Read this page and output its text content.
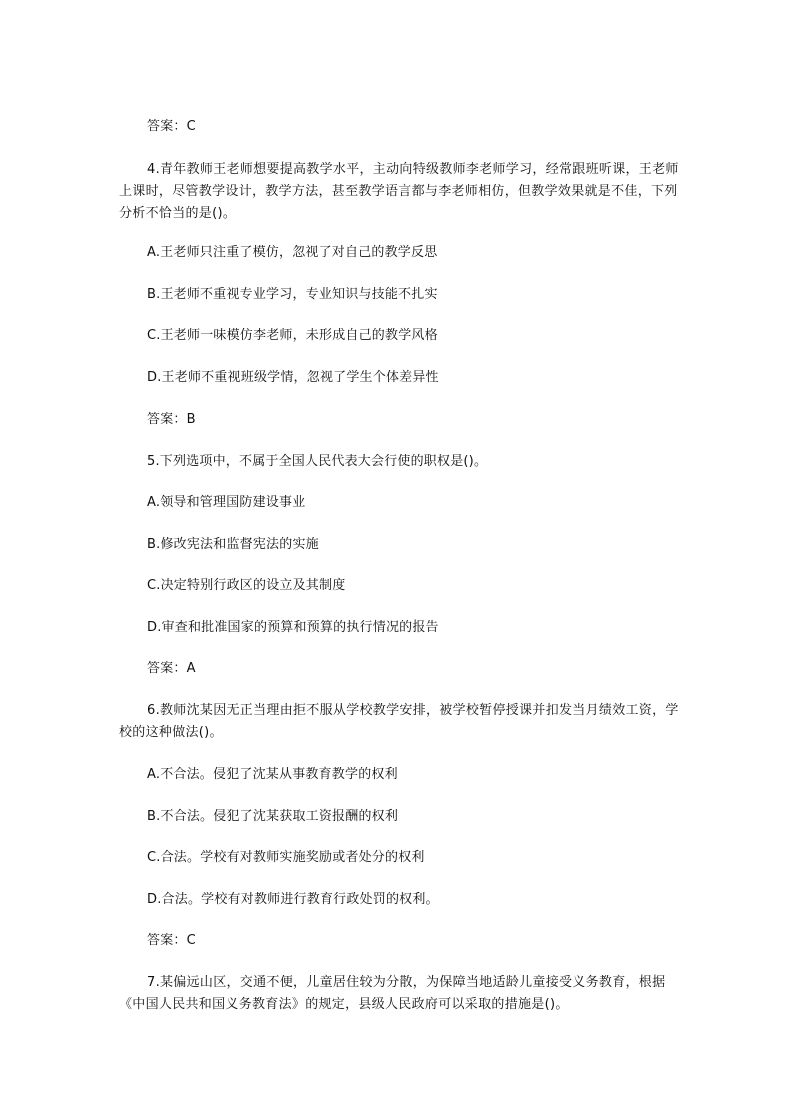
答案：C
4.青年教师王老师想要提高教学水平，主动向特级教师李老师学习，经常跟班听课，王老师上课时，尽管教学设计，教学方法，甚至教学语言都与李老师相仿，但教学效果就是不佳，下列分析不恰当的是()。
A.王老师只注重了模仿，忽视了对自己的教学反思
B.王老师不重视专业学习，专业知识与技能不扎实
C.王老师一味模仿李老师，未形成自己的教学风格
D.王老师不重视班级学情，忽视了学生个体差异性
答案：B
5.下列选项中，不属于全国人民代表大会行使的职权是()。
A.领导和管理国防建设事业
B.修改宪法和监督宪法的实施
C.决定特别行政区的设立及其制度
D.审查和批准国家的预算和预算的执行情况的报告
答案：A
6.教师沈某因无正当理由拒不服从学校教学安排，被学校暂停授课并扣发当月绩效工资，学校的这种做法()。
A.不合法。侵犯了沈某从事教育教学的权利
B.不合法。侵犯了沈某获取工资报酬的权利
C.合法。学校有对教师实施奖励或者处分的权利
D.合法。学校有对教师进行教育行政处罚的权利。
答案：C
7.某偏远山区，交通不便，儿童居住较为分散，为保障当地适龄儿童接受义务教育，根据《中国人民共和国义务教育法》的规定，县级人民政府可以采取的措施是()。
